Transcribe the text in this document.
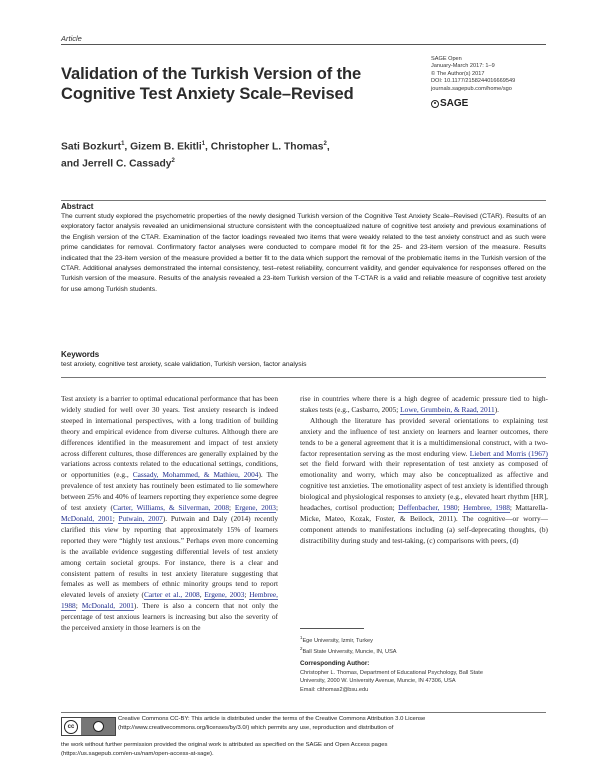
Article
Validation of the Turkish Version of the Cognitive Test Anxiety Scale–Revised
SAGE Open
January-March 2017: 1–9
© The Author(s) 2017
DOI: 10.1177/2158244016669549
journals.sagepub.com/home/sgo
SAGE
Sati Bozkurt$^1$, Gizem B. Ekitli$^1$, Christopher L. Thomas$^2$,
and Jerrell C. Cassady$^2$
Abstract
The current study explored the psychometric properties of the newly designed Turkish version of the Cognitive Test Anxiety Scale–Revised (CTAR). Results of an exploratory factor analysis revealed an unidimensional structure consistent with the conceptualized nature of cognitive test anxiety and previous examinations of the English version of the CTAR. Examination of the factor loadings revealed two items that were weakly related to the test anxiety construct and as such were prime candidates for removal. Confirmatory factor analyses were conducted to compare model fit for the 25- and 23-item version of the measure. Results indicated that the 23-item version of the measure provided a better fit to the data which support the removal of the problematic items in the Turkish version of the CTAR. Additional analyses demonstrated the internal consistency, test–retest reliability, concurrent validity, and gender equivalence for responses offered on the Turkish version of the measure. Results of the analysis revealed a 23-item Turkish version of the T-CTAR is a valid and reliable measure of cognitive test anxiety for use among Turkish students.
Keywords
test anxiety, cognitive test anxiety, scale validation, Turkish version, factor analysis
Test anxiety is a barrier to optimal educational performance that has been widely studied for well over 30 years. Test anxiety research is indeed steeped in international perspectives, with a long tradition of building theory and empirical evidence from diverse cultures. Although there are differences identified in the measurement and impact of test anxiety across different cultures, those differences are generally explained by the variations across contexts related to the educational settings, conditions, or opportunities (e.g., Cassady, Mohammed, & Mathieu, 2004). The prevalence of test anxiety has routinely been estimated to lie somewhere between 25% and 40% of learners reporting they experience some degree of test anxiety (Carter, Williams, & Silverman, 2008; Ergene, 2003; McDonald, 2001; Putwain, 2007). Putwain and Daly (2014) recently clarified this view by reporting that approximately 15% of learners reported they were “highly test anxious.” Perhaps even more concerning is the available evidence suggesting differential levels of test anxiety among certain societal groups. For instance, there is a clear and consistent pattern of results in test anxiety literature suggesting that females as well as members of ethnic minority groups tend to report elevated levels of anxiety (Carter et al., 2008, Ergene, 2003; Hembree, 1988; McDonald, 2001). There is also a concern that not only the percentage of test anxious learners is increasing but also the severity of the perceived anxiety in those learners is on the

rise in countries where there is a high degree of academic pressure tied to high-stakes tests (e.g., Casbarro, 2005; Lowe, Grumbein, & Raad, 2011).

Although the literature has provided several orientations to explaining test anxiety and the influence of test anxiety on learners and learner outcomes, there tends to be a general agreement that it is a multidimensional construct, with a two-factor representation serving as the most enduring view. Liebert and Morris (1967) set the field forward with their representation of test anxiety as composed of emotionality and worry, which may also be conceptualized as affective and cognitive test anxieties. The emotionality aspect of test anxiety is identified through biological and physiological responses to anxiety (e.g., elevated heart rhythm [HR], headaches, cortisol production; Deffenbacher, 1980; Hembree, 1988; Mattarella-Micke, Mateo, Kozak, Foster, & Beilock, 2011). The cognitive—or worry—component attends to manifestations including (a) self-deprecating thoughts, (b) distractibility during study and test-taking, (c) comparisons with peers, (d)

$^1$Ege University, Izmir, Turkey
$^2$Ball State University, Muncie, IN, USA
Corresponding Author:
Christopher L. Thomas, Department of Educational Psychology, Ball State
University, 2000 W. University Avenue, Muncie, IN 47306, USA
Email: clthomas2@bsu.edu
cc
Creative Commons CC-BY: This article is distributed under the terms of the Creative Commons Attribution 3.0 License
(http://www.creativecommons.org/licenses/by/3.0/) which permits any use, reproduction and distribution of
the work without further permission provided the original work is attributed as specified on the SAGE and Open Access pages
(https://us.sagepub.com/en-us/nam/open-access-at-sage).
